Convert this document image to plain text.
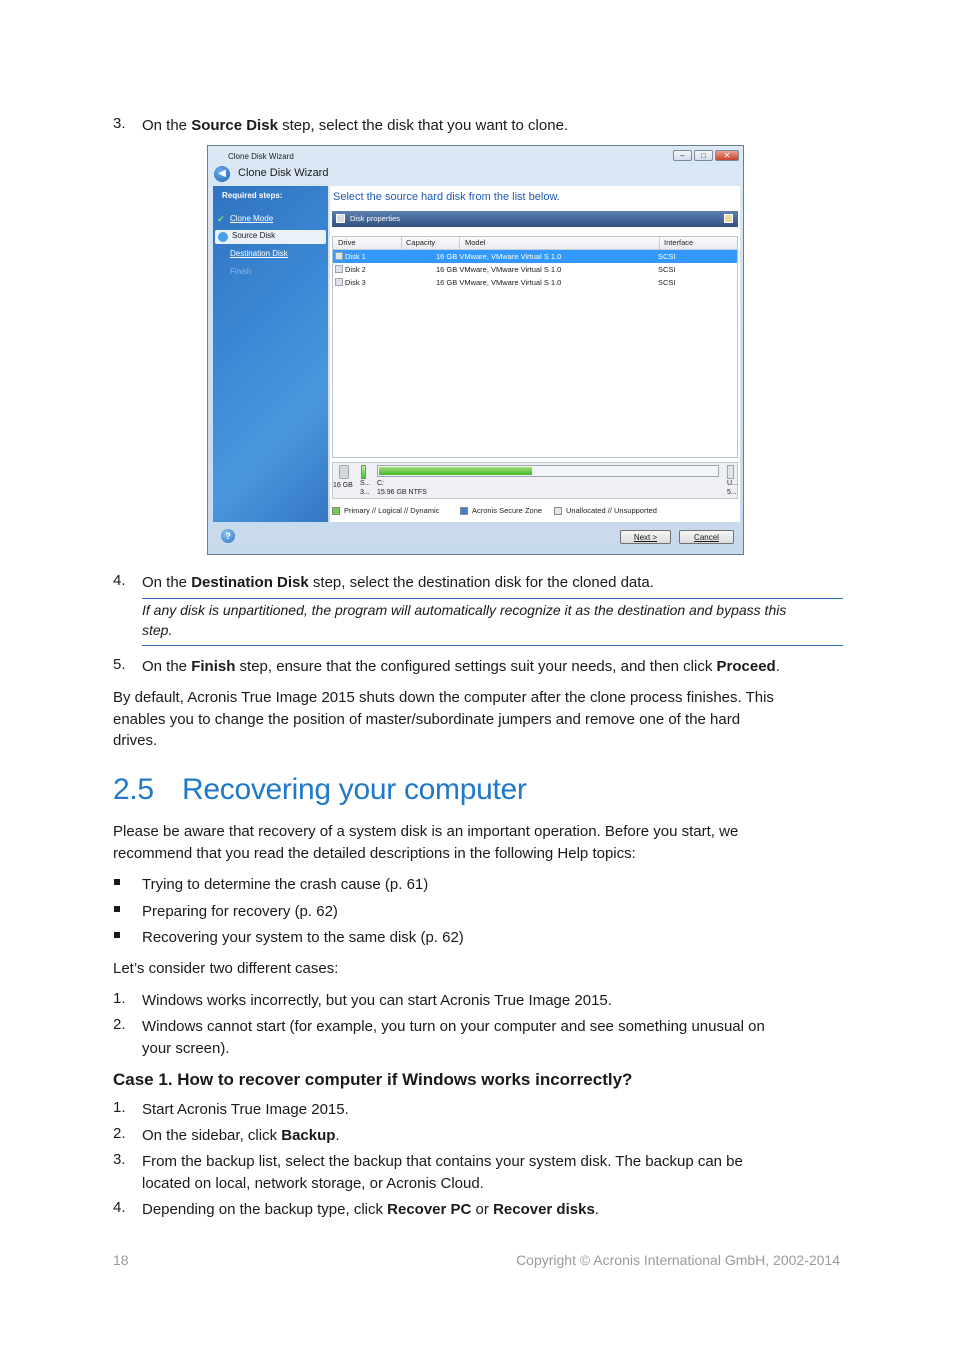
3. On the Source Disk step, select the disk that you want to clone.
Clone Disk Wizard	–	□	✕
◀	Clone Disk Wizard
Required steps:
✔ Clone Mode
Source Disk
Destination Disk
Finish
Select the source hard disk from the list below.
Disk properties
Drive	Capacity	Model	Interface
Disk 1	16 GB VMware, VMware Virtual S 1.0	SCSI
Disk 2	16 GB VMware, VMware Virtual S 1.0	SCSI
Disk 3	16 GB VMware, VMware Virtual S 1.0	SCSI
16 GB S...
3...
C:
15.96 GB NTFS
U...
5...
Primary // Logical // Dynamic	Acronis Secure Zone	Unallocated // Unsupported
?	Next >	Cancel
4. On the Destination Disk step, select the destination disk for the cloned data.
If any disk is unpartitioned, the program will automatically recognize it as the destination and bypass this
step.
5. On the Finish step, ensure that the configured settings suit your needs, and then click Proceed.

By default, Acronis True Image 2015 shuts down the computer after the clone process finishes. This
enables you to change the position of master/subordinate jumpers and remove one of the hard
drives.

2.5 Recovering your computer

Please be aware that recovery of a system disk is an important operation. Before you start, we
recommend that you read the detailed descriptions in the following Help topics:

Trying to determine the crash cause (p. 61)
Preparing for recovery (p. 62)
Recovering your system to the same disk (p. 62)

Let’s consider two different cases:

1. Windows works incorrectly, but you can start Acronis True Image 2015.
2. Windows cannot start (for example, you turn on your computer and see something unusual on
your screen).
Case 1. How to recover computer if Windows works incorrectly?
1. Start Acronis True Image 2015.
2. On the sidebar, click Backup.
3. From the backup list, select the backup that contains your system disk. The backup can be
located on local, network storage, or Acronis Cloud.
4. Depending on the backup type, click Recover PC or Recover disks.
18	Copyright © Acronis International GmbH, 2002-2014
